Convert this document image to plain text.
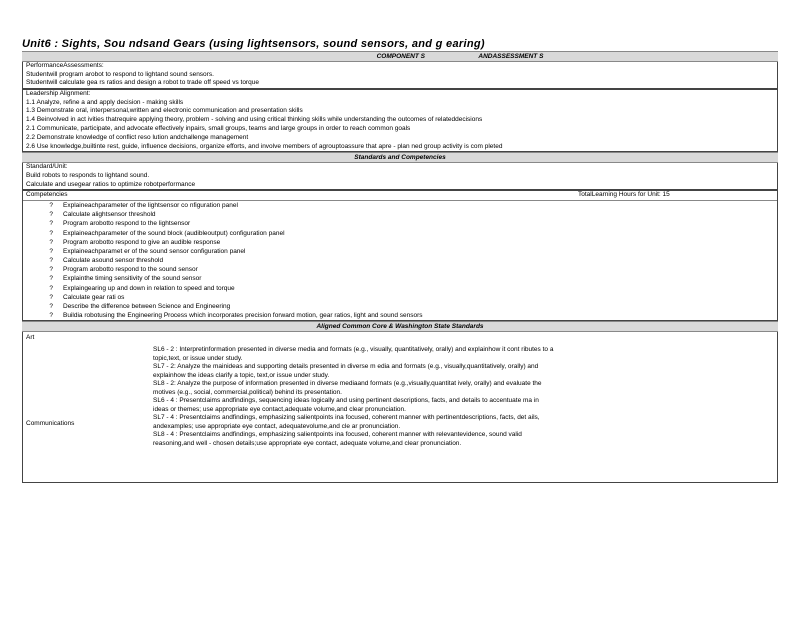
Unit6 : Sights, Sou ndsand Gears (using lightsensors, sound sensors, and g earing)
COMPONENT S	ANDASSESSMENT S
PerformanceAssessments:
Studentwill program arobot to respond to lightand sound sensors.
Studentwill calculate gea rs ratios and design a robot to trade off speed vs torque
Leadership Alignment:
1.1 Analyze, refine a and apply decision - making skills
1.3 Demonstrate oral, interpersonal,written and electronic communication and presentation skills
1.4 Beinvolved in act ivities thatrequire applying theory, problem - solving and using critical thinking skills while understanding the outcomes of relateddecisions
2.1 Communicate, participate, and advocate effectively inpairs, small groups, teams and large groups in order to reach common goals
2.2 Demonstrate knowledge of conflict reso lution andchallenge management
2.6 Use knowledge,builtinte rest, guide, influence decisions, organize efforts, and involve members of agrouptoassure that apre - plan ned group activity is com pleted
Standards and Competencies
Standard/Unit:
Build robots to responds to lightand sound.
Calculate and usegear ratios to optimize robotperformance
Competencies	TotalLearning Hours for Unit: 15
? Explaineachparameter of the lightsensor co nfiguration panel
? Calculate alightsensor threshold
? Program arobotto respond to the lightsensor
? Explaineachparameter of the sound block (audibleoutput) configuration panel
? Program arobotto respond to give an audible response
? Explaineachparamet er of the sound sensor configuration panel
? Calculate asound sensor threshold
? Program arobotto respond to the sound sensor
? Explainthe timing sensitivity of the sound sensor
? Explaingearing up and down in relation to speed and torque
? Calculate gear rati os
? Describe the difference between Science and Engineering
? Buildia robotusing the Engineering Process which incorporates precision forward motion, gear ratios, light and sound sensors
Aligned Common Core & Washington State Standards
Art
Communications
SL6 - 2 : Interpretinformation presented in diverse media and formats (e.g., visually, quantitatively, orally) and explainhow it cont ributes to a
topic,text, or issue under study.
SL7 - 2: Analyze the mainideas and supporting details presented in diverse m edia and formats (e.g., visually,quantitatively, orally) and
explainhow the ideas clarify a topic, text,or issue under study.
SL8 - 2: Analyze the purpose of information presented in diverse mediaand formats (e.g.,visually,quantitat ively, orally) and evaluate the
motives (e.g., social, commercial,political) behind its presentation.
SL6 - 4 : Presentclaims andfindings, sequencing ideas logically and using pertinent descriptions, facts, and details to accentuate ma in
ideas or themes; use appropriate eye contact,adequate volume,and clear pronunciation.
SL7 - 4 : Presentclaims andfindings, emphasizing salientpoints ina focused, coherent manner with pertinentdescriptions, facts, det ails,
andexamples; use appropriate eye contact, adequatevolume,and cle ar pronunciation.
SL8 - 4 : Presentclaims andfindings, emphasizing salientpoints ina focused, coherent manner with relevantevidence, sound valid
reasoning,and well - chosen details;use appropriate eye contact, adequate volume,and clear pronunciation.
